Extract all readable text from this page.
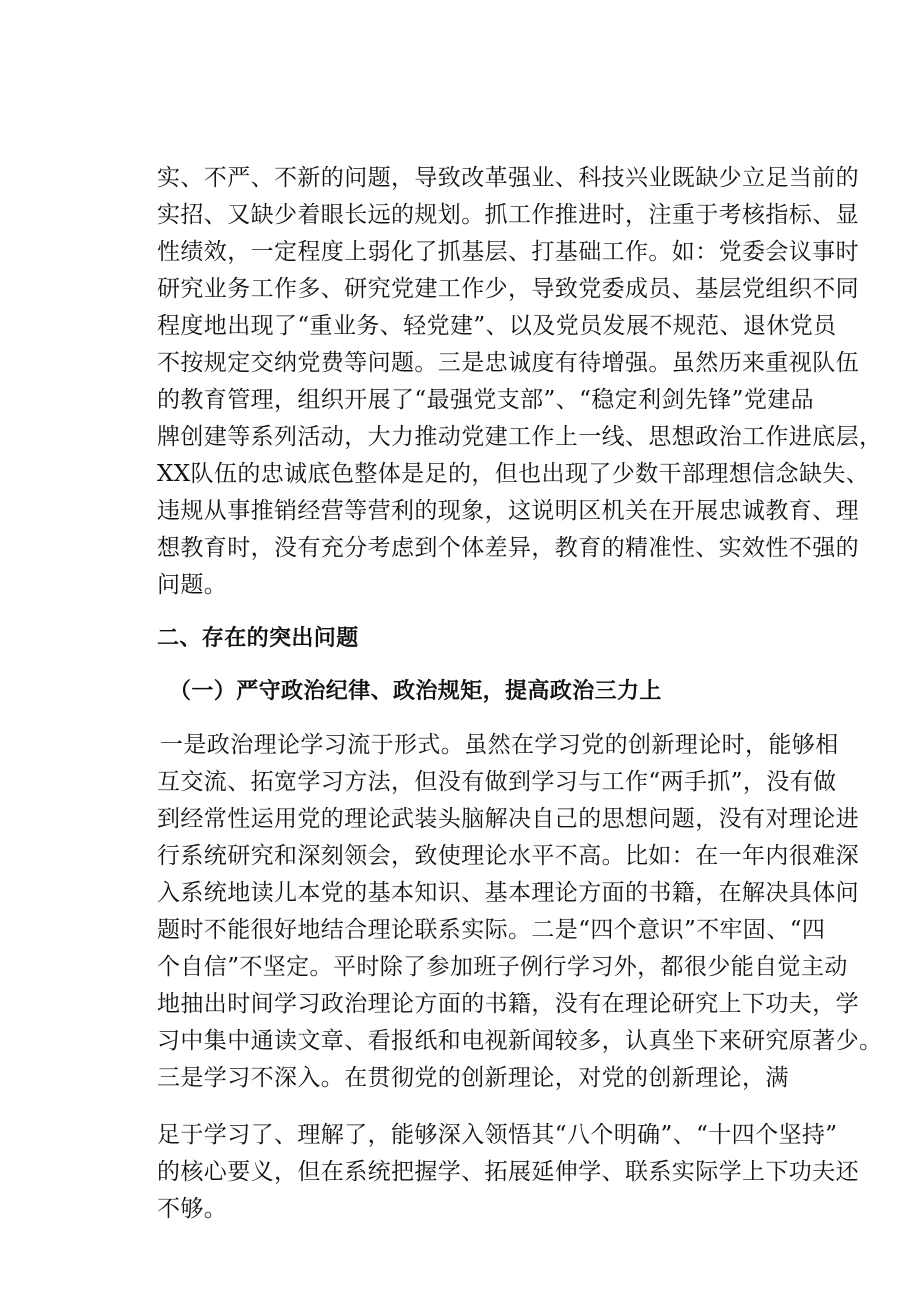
实、不严、不新的问题，导致改革强业、科技兴业既缺少立足当前的
实招、又缺少着眼长远的规划。抓工作推进时，注重于考核指标、显
性绩效，一定程度上弱化了抓基层、打基础工作。如：党委会议事时
研究业务工作多、研究党建工作少，导致党委成员、基层党组织不同
程度地出现了“重业务、轻党建”、以及党员发展不规范、退休党员
不按规定交纳党费等问题。三是忠诚度有待增强。虽然历来重视队伍
的教育管理，组织开展了“最强党支部”、“稳定利剑先锋”党建品
牌创建等系列活动，大力推动党建工作上一线、思想政治工作进底层，
XX队伍的忠诚底色整体是足的，但也出现了少数干部理想信念缺失、
违规从事推销经营等营利的现象，这说明区机关在开展忠诚教育、理
想教育时，没有充分考虑到个体差异，教育的精准性、实效性不强的
问题。
二、存在的突出问题
（一）严守政治纪律、政治规矩，提高政治三力上
一是政治理论学习流于形式。虽然在学习党的创新理论时，能够相
互交流、拓宽学习方法，但没有做到学习与工作“两手抓”，没有做
到经常性运用党的理论武装头脑解决自己的思想问题，没有对理论进
行系统研究和深刻领会，致使理论水平不高。比如：在一年内很难深
入系统地读儿本党的基本知识、基本理论方面的书籍，在解决具体问
题时不能很好地结合理论联系实际。二是“四个意识”不牢固、“四
个自信”不坚定。平时除了参加班子例行学习外，都很少能自觉主动
地抽出时间学习政治理论方面的书籍，没有在理论研究上下功夫，学
习中集中通读文章、看报纸和电视新闻较多，认真坐下来研究原著少。
三是学习不深入。在贯彻党的创新理论，对党的创新理论，满
足于学习了、理解了，能够深入领悟其“八个明确”、“十四个坚持”
的核心要义，但在系统把握学、拓展延伸学、联系实际学上下功夫还
不够。
